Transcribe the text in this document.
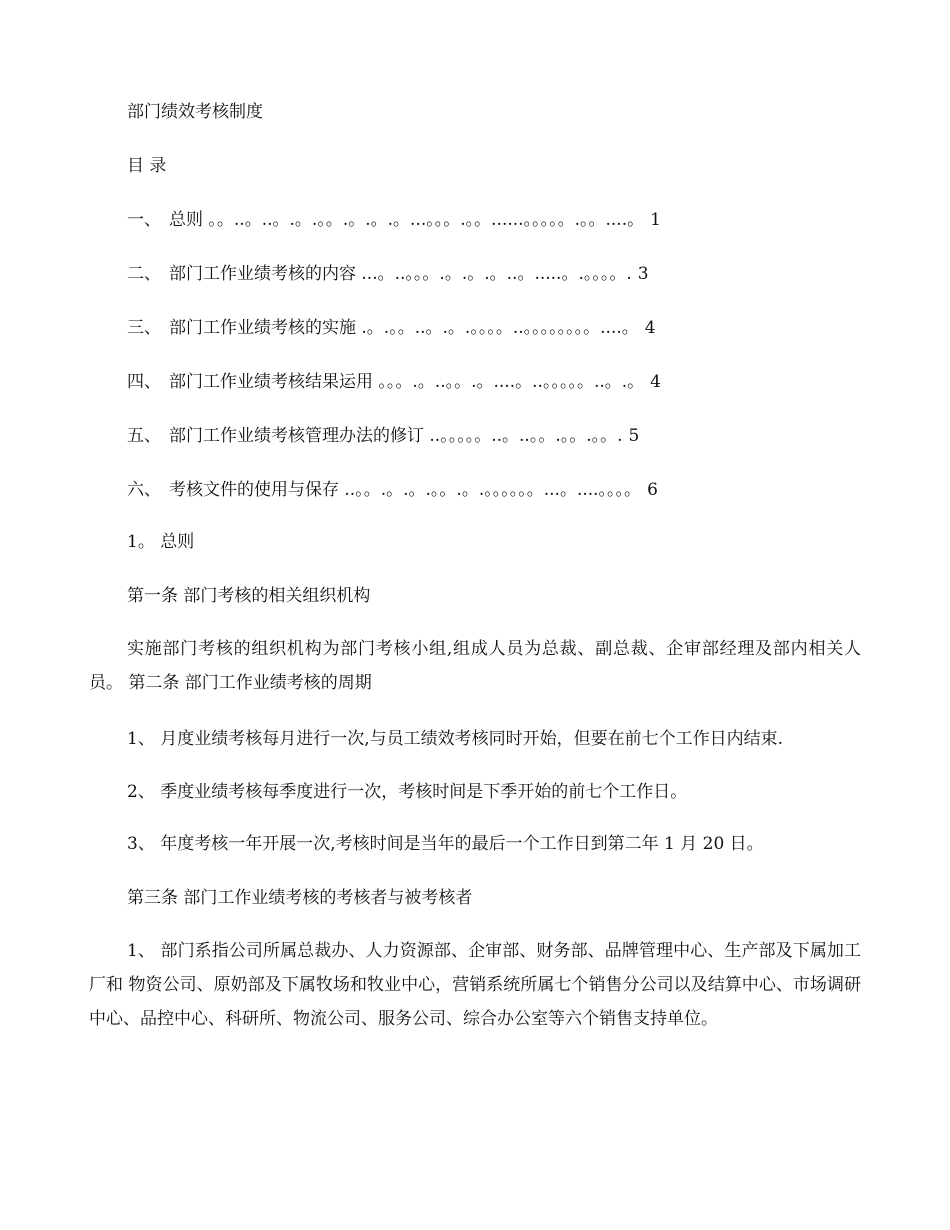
部门绩效考核制度
目 录
一、 总则 。。..。..。.。.。。.。.。.。...。。。.。。......。。。。。.。。....。 1
二、 部门工作业绩考核的内容 ...。..。。。.。.。.。..。.....。.。。。。. 3
三、 部门工作业绩考核的实施 .。.。。..。.。.。。。。..。。。。。。。。....。 4
四、 部门工作业绩考核结果运用 。。。.。..。。.。....。..。。。。。..。.。 4
五、 部门工作业绩考核管理办法的修订 ..。。。。。..。..。。.。。.。。. 5
六、 考核文件的使用与保存 ..。。.。.。.。。.。.。。。。。。...。....。。。。 6
1。 总则
第一条 部门考核的相关组织机构
实施部门考核的组织机构为部门考核小组,组成人员为总裁、副总裁、企审部经理及部内相关人员。 第二条 部门工作业绩考核的周期
1、 月度业绩考核每月进行一次,与员工绩效考核同时开始，但要在前七个工作日内结束.
2、 季度业绩考核每季度进行一次，考核时间是下季开始的前七个工作日。
3、 年度考核一年开展一次,考核时间是当年的最后一个工作日到第二年 1 月 20 日。
第三条 部门工作业绩考核的考核者与被考核者
1、 部门系指公司所属总裁办、人力资源部、企审部、财务部、品牌管理中心、生产部及下属加工厂和 物资公司、原奶部及下属牧场和牧业中心，营销系统所属七个销售分公司以及结算中心、市场调研 中心、品控中心、科研所、物流公司、服务公司、综合办公室等六个销售支持单位。
